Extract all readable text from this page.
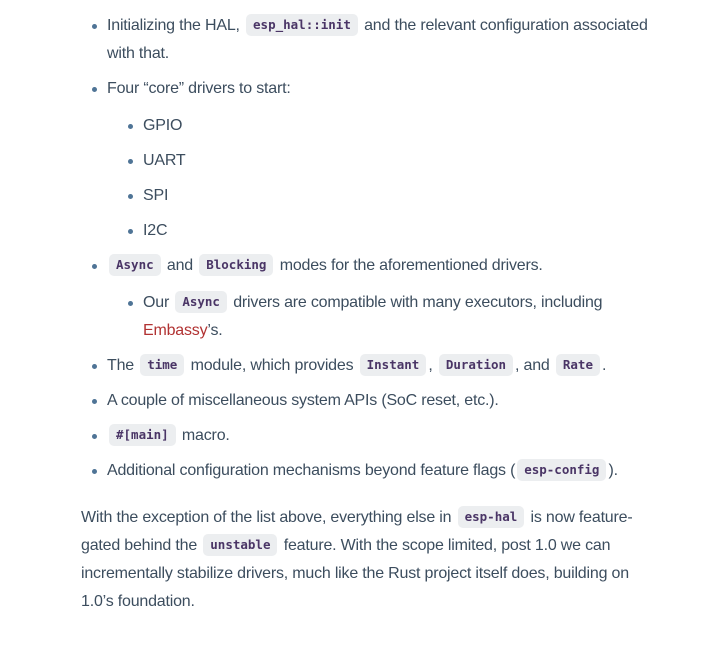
Initializing the HAL, esp_hal::init and the relevant configuration associated with that.
Four “core” drivers to start:
GPIO
UART
SPI
I2C
Async and Blocking modes for the aforementioned drivers.
Our Async drivers are compatible with many executors, including Embassy’s.
The time module, which provides Instant , Duration , and Rate .
A couple of miscellaneous system APIs (SoC reset, etc.).
#[main] macro.
Additional configuration mechanisms beyond feature flags ( esp-config ).

With the exception of the list above, everything else in esp-hal is now feature-gated behind the unstable feature. With the scope limited, post 1.0 we can incrementally stabilize drivers, much like the Rust project itself does, building on 1.0’s foundation.
